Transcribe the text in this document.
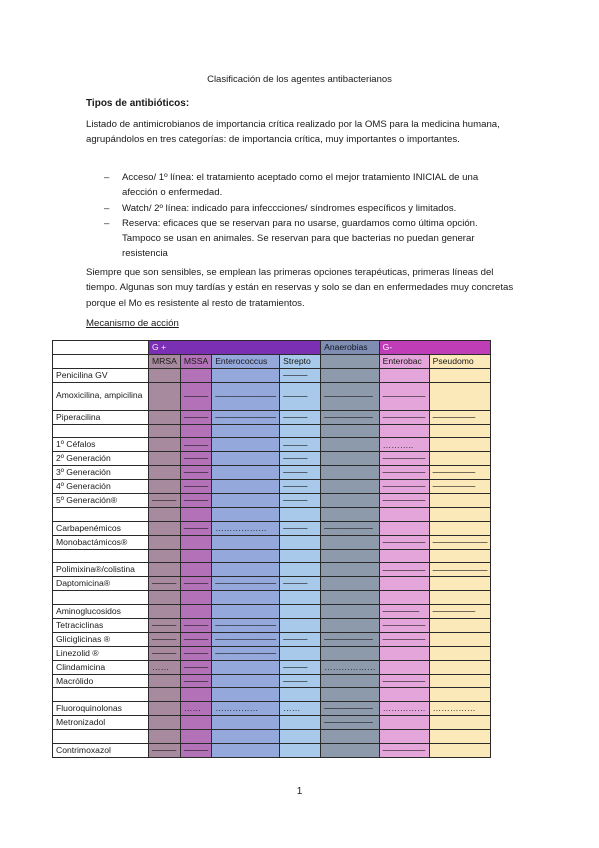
Clasificación de los agentes antibacterianos
Tipos de antibióticos:
Listado de antimicrobianos de importancia crítica realizado por la OMS para la medicina humana, agrupándolos en tres categorías: de importancia crítica, muy importantes o importantes.
– Acceso/ 1º línea: el tratamiento aceptado como el mejor tratamiento INICIAL de una afección o enfermedad.
– Watch/ 2º línea: indicado para infeccciones/ síndromes específicos y limitados.
– Reserva: eficaces que se reservan para no usarse, guardamos como última opción. Tampoco se usan en animales. Se reservan para que bacterias no puedan generar resistencia
Siempre que son sensibles, se emplean las primeras opciones terapéuticas, primeras líneas del tiempo. Algunas son muy tardías y están en reservas y solo se dan en enfermedades muy concretas porque el Mo es resistente al resto de tratamientos.
Mecanismo de acción
	G +				Anaerobias	G-	
	MRSA	MSSA	Enterococcus	Strepto		Enterobac	Pseudomo
Penicilina GV				────			
Amoxicilina, ampicilina		────	──────────	────	────────	───────	
Piperacilina		────	──────────	────	────────	───────	───────

1º Céfalos		────		────		………..	
2º Generación		────		────		───────	
3º Generación		────		────		───────	───────
4º Generación		────		────		───────	───────
5º Generación®	────	────		────		───────	

Carbapenémicos		────	………………	────	────────		
Monobactámicos®						───────	─────────

Polimixina®/colistina						───────	─────────
Daptomicina®	────	────	──────────	────			

Aminoglucosidos						──────	───────
Tetraciclinas	────	────	──────────			───────	
Gliciglicinas ®	────	────	──────────	────	────────	───────	
Linezolid ®	────	────	──────────				
Clindamicina	……	────		────	………………		
Macrólido		────		────		───────	

Fluoroquinolonas		……	……………	……	────────	……………	……………
Metronizadol					────────		

Contrimoxazol	────	────				───────	
1
